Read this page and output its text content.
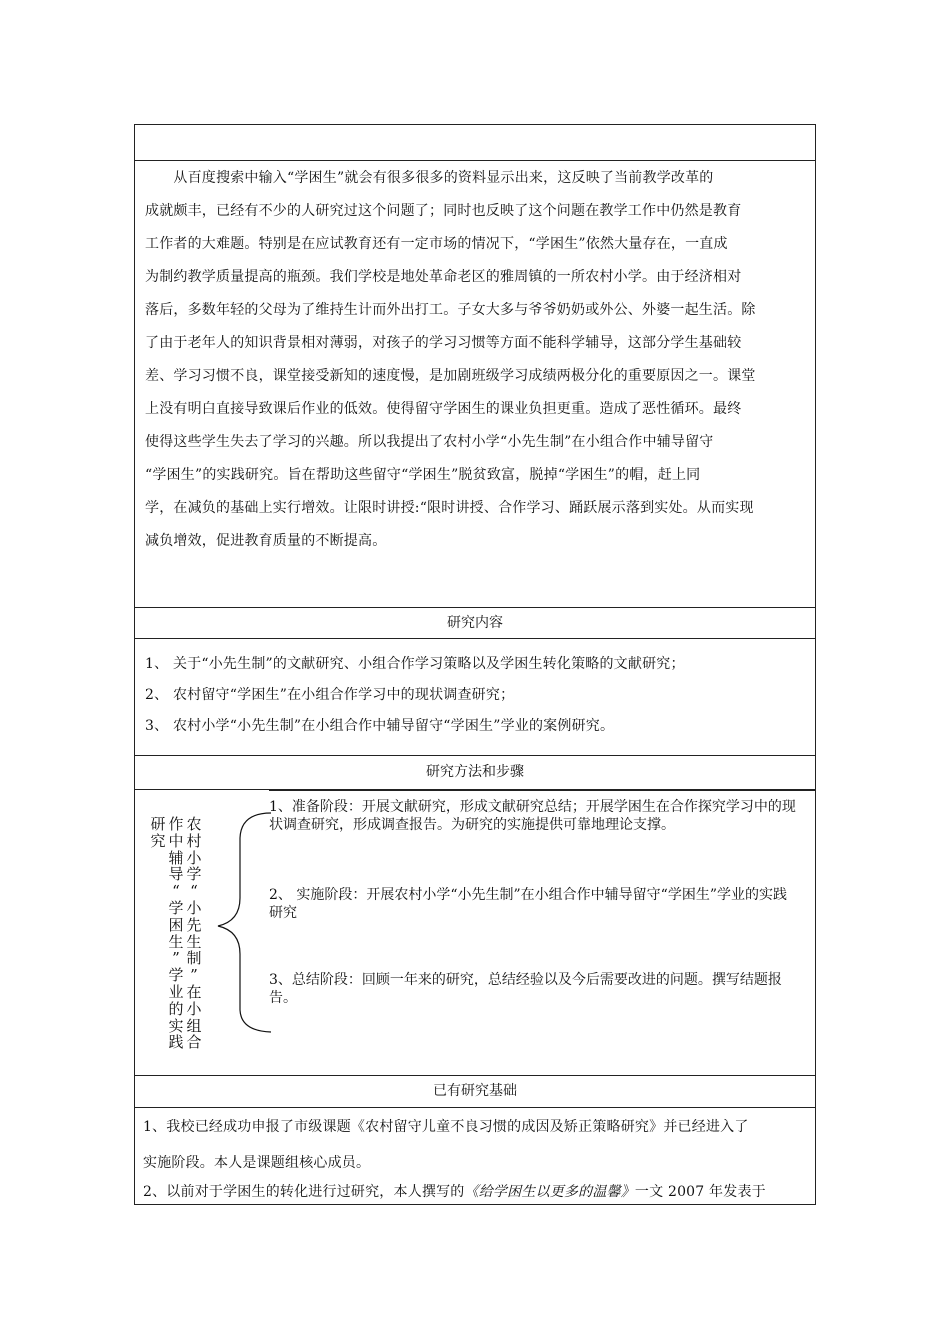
　　从百度搜索中输入“学困生”就会有很多很多的资料显示出来，这反映了当前教学改革的
成就颇丰，已经有不少的人研究过这个问题了；同时也反映了这个问题在教学工作中仍然是教育
工作者的大难题。特别是在应试教育还有一定市场的情况下，“学困生”依然大量存在，一直成
为制约教学质量提高的瓶颈。我们学校是地处革命老区的雅周镇的一所农村小学。由于经济相对
落后，多数年轻的父母为了维持生计而外出打工。子女大多与爷爷奶奶或外公、外婆一起生活。除
了由于老年人的知识背景相对薄弱，对孩子的学习习惯等方面不能科学辅导，这部分学生基础较
差、学习习惯不良，课堂接受新知的速度慢，是加剧班级学习成绩两极分化的重要原因之一。课堂
上没有明白直接导致课后作业的低效。使得留守学困生的课业负担更重。造成了恶性循环。最终
使得这些学生失去了学习的兴趣。所以我提出了农村小学“小先生制”在小组合作中辅导留守
“学困生”的实践研究。旨在帮助这些留守“学困生”脱贫致富，脱掉“学困生”的帽，赶上同
学，在减负的基础上实行增效。让限时讲授:“限时讲授、合作学习、踊跃展示落到实处。从而实现
减负增效，促进教育质量的不断提高。
研究内容
1、 关于“小先生制”的文献研究、小组合作学习策略以及学困生转化策略的文献研究；
2、 农村留守“学困生”在小组合作学习中的现状调查研究；
3、 农村小学“小先生制”在小组合作中辅导留守“学困生”学业的案例研究。
研究方法和步骤
农
村
小
学
“
小
先
生
制
”
在
小
组
合
作
中
辅
导
“
学
困
生
”
学
业
的
实
践
研
究
1、准备阶段：开展文献研究，形成文献研究总结；开展学困生在合作探究学习中的现状调查研究，形成调查报告。为研究的实施提供可靠地理论支撑。
2、 实施阶段：开展农村小学“小先生制”在小组合作中辅导留守“学困生”学业的实践研究
3、总结阶段：回顾一年来的研究，总结经验以及今后需要改进的问题。撰写结题报告。
已有研究基础
1、我校已经成功申报了市级课题《农村留守儿童不良习惯的成因及矫正策略研究》并已经进入了
实施阶段。本人是课题组核心成员。
2、以前对于学困生的转化进行过研究，本人撰写的《给学困生以更多的温馨》一文 2007 年发表于
